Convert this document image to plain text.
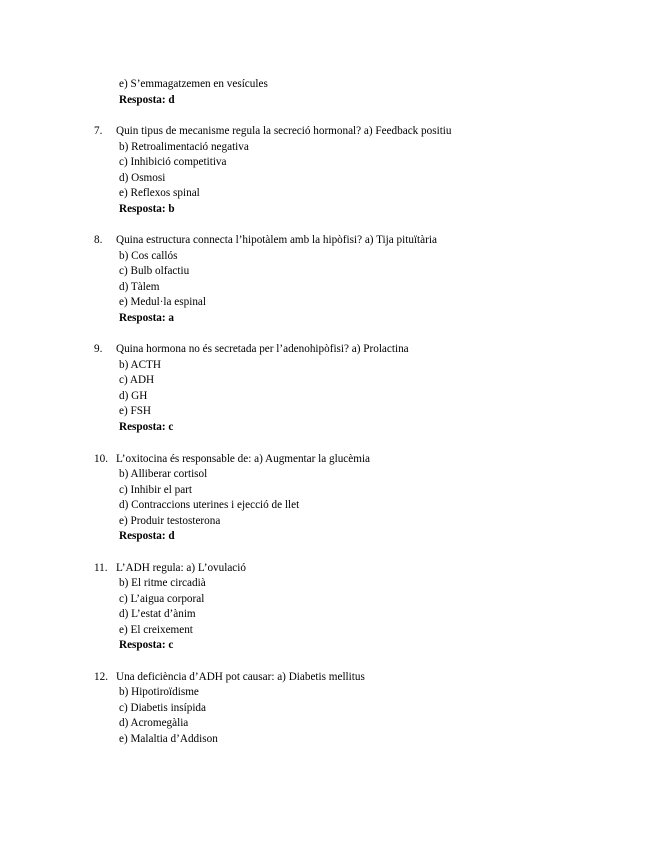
e) S’emmagatzemen en vesícules
Resposta: d
7. Quin tipus de mecanisme regula la secreció hormonal? a) Feedback positiu
b) Retroalimentació negativa
c) Inhibició competitiva
d) Osmosi
e) Reflexos spinal
Resposta: b
8. Quina estructura connecta l’hipotàlem amb la hipòfisi? a) Tija pituïtària
b) Cos callós
c) Bulb olfactiu
d) Tàlem
e) Medul·la espinal
Resposta: a
9. Quina hormona no és secretada per l’adenohipòfisi? a) Prolactina
b) ACTH
c) ADH
d) GH
e) FSH
Resposta: c
10. L’oxitocina és responsable de: a) Augmentar la glucèmia
b) Alliberar cortisol
c) Inhibir el part
d) Contraccions uterines i ejecció de llet
e) Produir testosterona
Resposta: d
11. L’ADH regula: a) L’ovulació
b) El ritme circadià
c) L’aigua corporal
d) L’estat d’ànim
e) El creixement
Resposta: c
12. Una deficiència d’ADH pot causar: a) Diabetis mellitus
b) Hipotiroïdisme
c) Diabetis insípida
d) Acromegàlia
e) Malaltia d’Addison
